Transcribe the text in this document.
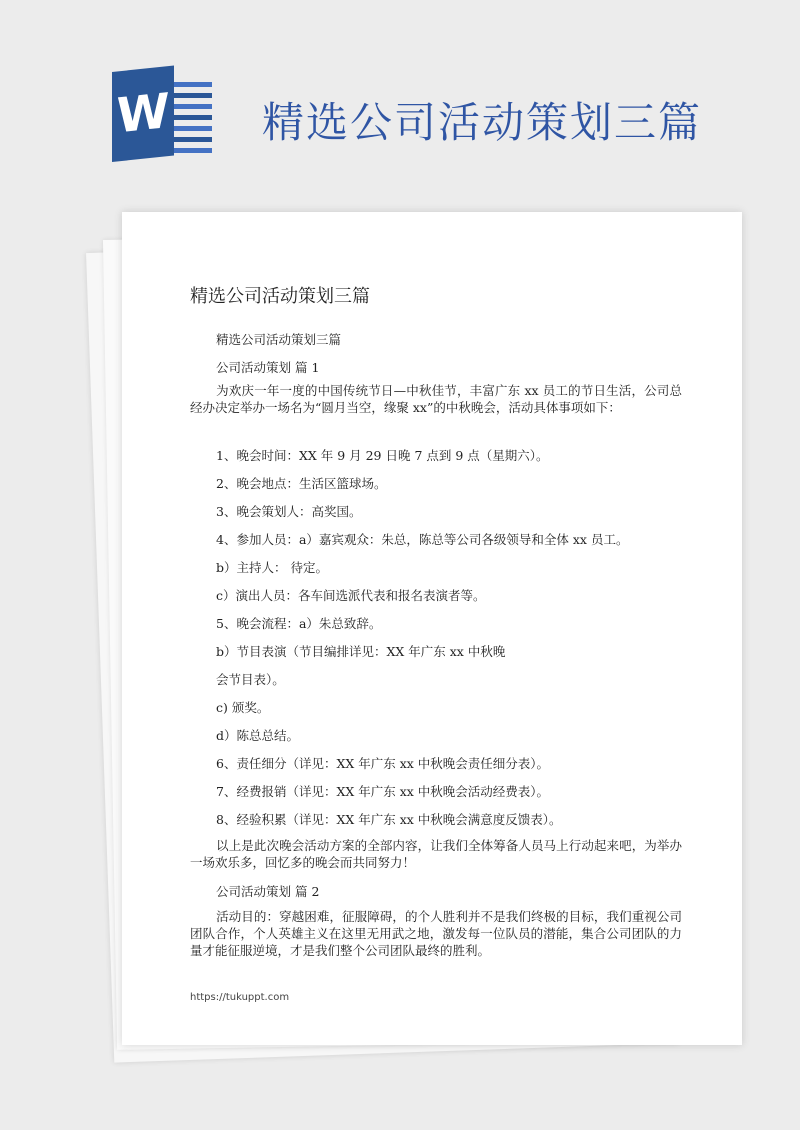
W 精选公司活动策划三篇
精选公司活动策划三篇
精选公司活动策划三篇
公司活动策划 篇 1
为欢庆一年一度的中国传统节日—中秋佳节，丰富广东 xx 员工的节日生活，公司总经办决定举办一场名为“圆月当空，缘聚 xx”的中秋晚会，活动具体事项如下：
1、晚会时间：XX 年 9 月 29 日晚 7 点到 9 点（星期六）。
2、晚会地点：生活区篮球场。
3、晚会策划人：高奖国。
4、参加人员：a）嘉宾观众：朱总，陈总等公司各级领导和全体 xx 员工。
b）主持人： 待定。
c）演出人员：各车间选派代表和报名表演者等。
5、晚会流程：a）朱总致辞。
b）节目表演（节目编排详见：XX 年广东 xx 中秋晚
会节目表）。
c) 颁奖。
d）陈总总结。
6、责任细分（详见：XX 年广东 xx 中秋晚会责任细分表）。
7、经费报销（详见：XX 年广东 xx 中秋晚会活动经费表）。
8、经验积累（详见：XX 年广东 xx 中秋晚会满意度反馈表）。
以上是此次晚会活动方案的全部内容，让我们全体筹备人员马上行动起来吧，为举办一场欢乐多，回忆多的晚会而共同努力！
公司活动策划 篇 2
活动目的：穿越困难，征服障碍，的个人胜利并不是我们终极的目标，我们重视公司团队合作，个人英雄主义在这里无用武之地，激发每一位队员的潜能，集合公司团队的力量才能征服逆境，才是我们整个公司团队最终的胜利。
https://tukuppt.com
